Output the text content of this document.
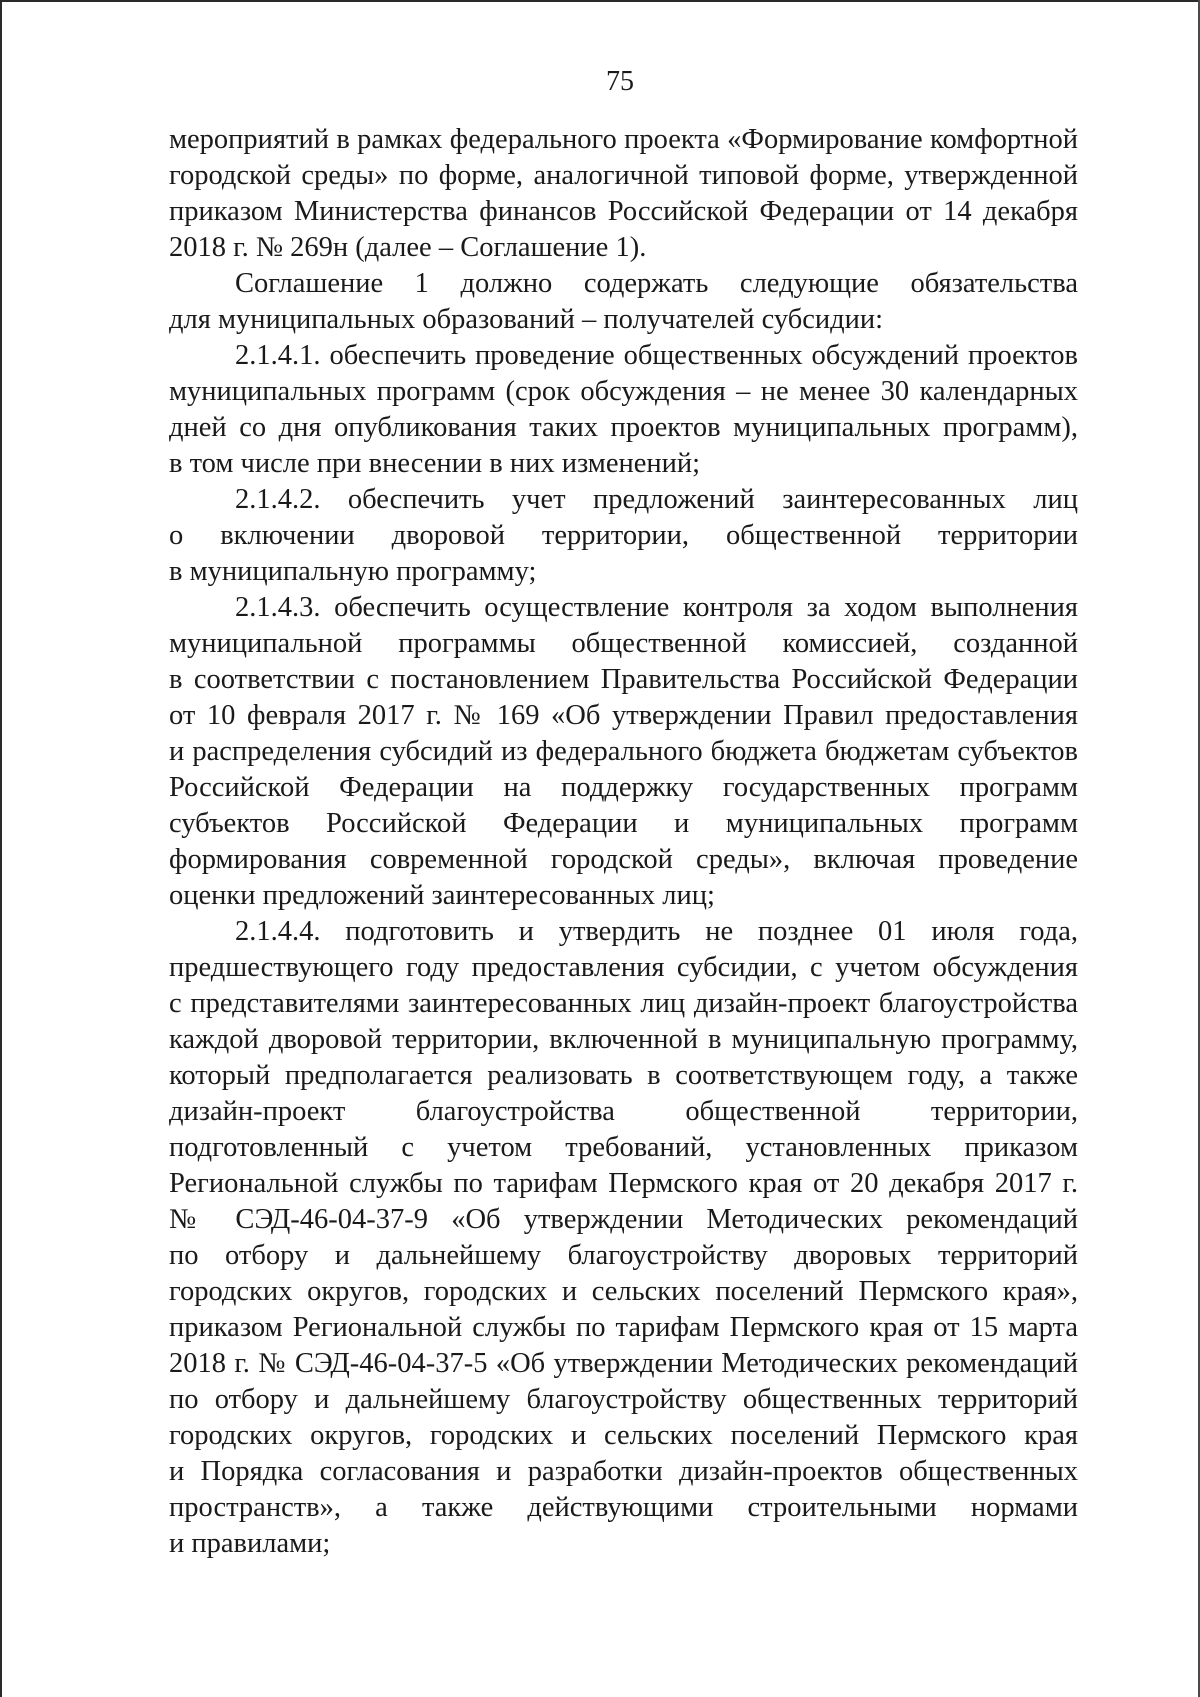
75
мероприятий в рамках федерального проекта «Формирование комфортной
городской среды» по форме, аналогичной типовой форме, утвержденной
приказом Министерства финансов Российской Федерации от 14 декабря
2018 г. № 269н (далее – Соглашение 1).
Соглашение 1 должно содержать следующие обязательства
для муниципальных образований – получателей субсидии:
2.1.4.1. обеспечить проведение общественных обсуждений проектов
муниципальных программ (срок обсуждения – не менее 30 календарных
дней со дня опубликования таких проектов муниципальных программ),
в том числе при внесении в них изменений;
2.1.4.2. обеспечить учет предложений заинтересованных лиц
о включении дворовой территории, общественной территории
в муниципальную программу;
2.1.4.3. обеспечить осуществление контроля за ходом выполнения
муниципальной программы общественной комиссией, созданной
в соответствии с постановлением Правительства Российской Федерации
от 10 февраля 2017 г. № 169 «Об утверждении Правил предоставления
и распределения субсидий из федерального бюджета бюджетам субъектов
Российской Федерации на поддержку государственных программ
субъектов Российской Федерации и муниципальных программ
формирования современной городской среды», включая проведение
оценки предложений заинтересованных лиц;
2.1.4.4. подготовить и утвердить не позднее 01 июля года,
предшествующего году предоставления субсидии, с учетом обсуждения
с представителями заинтересованных лиц дизайн-проект благоустройства
каждой дворовой территории, включенной в муниципальную программу,
который предполагается реализовать в соответствующем году, а также
дизайн-проект благоустройства общественной территории,
подготовленный с учетом требований, установленных приказом
Региональной службы по тарифам Пермского края от 20 декабря 2017 г.
№ СЭД-46-04-37-9 «Об утверждении Методических рекомендаций
по отбору и дальнейшему благоустройству дворовых территорий
городских округов, городских и сельских поселений Пермского края»,
приказом Региональной службы по тарифам Пермского края от 15 марта
2018 г. № СЭД-46-04-37-5 «Об утверждении Методических рекомендаций
по отбору и дальнейшему благоустройству общественных территорий
городских округов, городских и сельских поселений Пермского края
и Порядка согласования и разработки дизайн-проектов общественных
пространств», а также действующими строительными нормами
и правилами;
